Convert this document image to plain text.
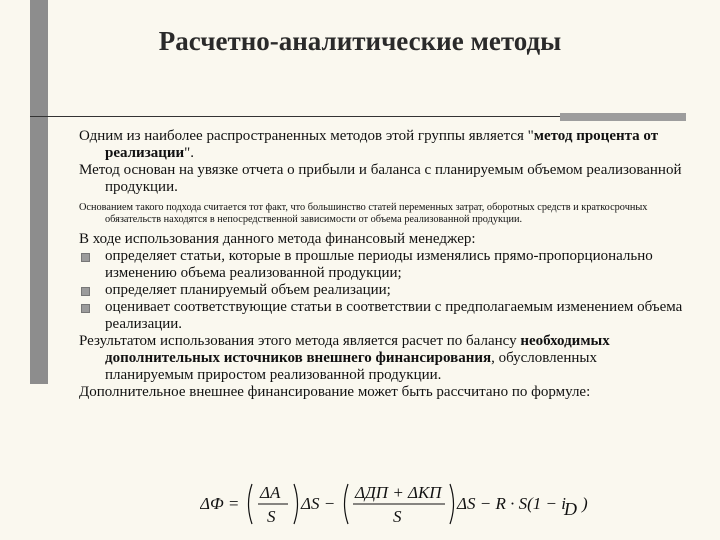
Расчетно-аналитические методы

Одним из наиболее распространенных методов этой группы является "метод процента от реализации".

Метод основан на увязке отчета о прибыли и баланса с планируемым объемом реализованной продукции.

Основанием такого подхода считается тот факт, что большинство статей переменных затрат, оборотных средств и краткосрочных обязательств находятся в непосредственной зависимости от объема реализованной продукции.

В ходе использования данного метода финансовый менеджер:

определяет статьи, которые в прошлые периоды изменялись прямо-пропорционально изменению объема реализованной продукции;
определяет планируемый объем реализации;
оценивает соответствующие статьи в соответствии с предполагаемым изменением объема реализации.

Результатом использования этого метода является расчет по балансу необходимых дополнительных источников внешнего финансирования, обусловленных планируемым приростом реализованной продукции.

Дополнительное внешнее финансирование может быть рассчитано по формуле:

ΔФ =
ΔA
S
ΔS −
ΔДП + ΔКП
S
ΔS − R · S(1 − i
D )
